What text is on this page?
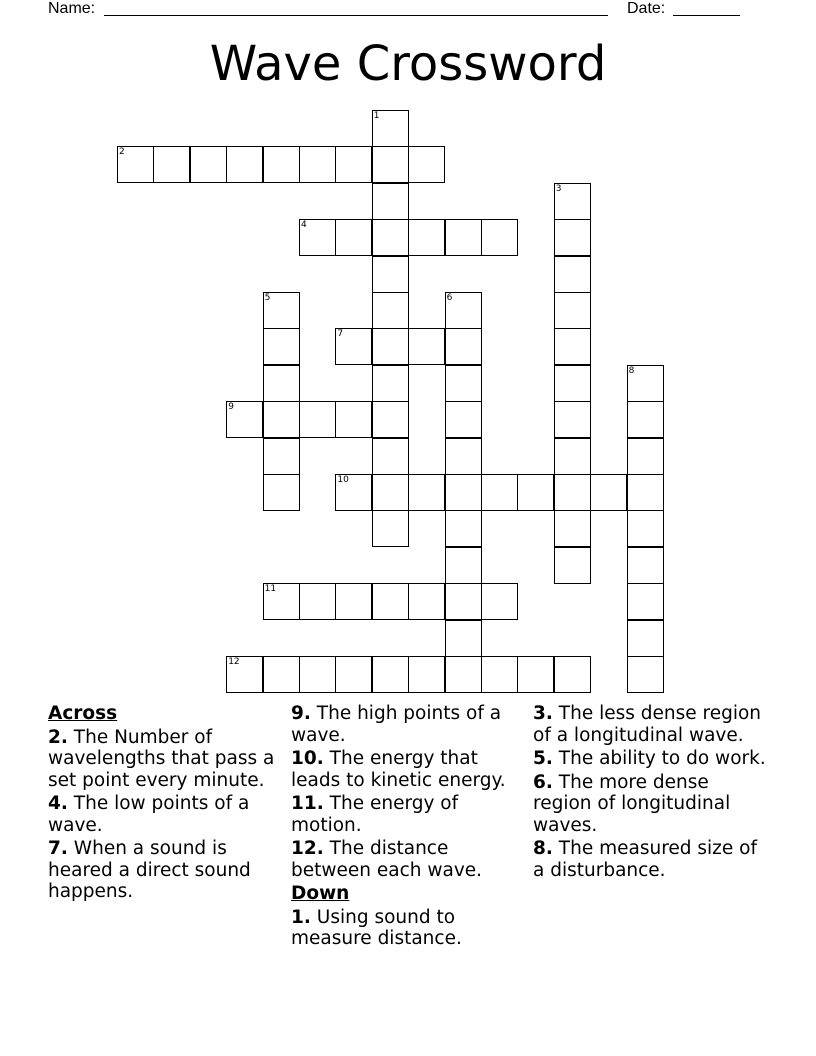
Name:	Date:
Wave Crossword
2
4
7
9
10
11
12
1
3
5	6
8
Across
2. The Number of wavelengths that pass a set point every minute.
4. The low points of a wave.
7. When a sound is heared a direct sound happens.
9. The high points of a wave.
10. The energy that leads to kinetic energy.
11. The energy of motion.
12. The distance between each wave.
Down
1. Using sound to measure distance.
3. The less dense region of a longitudinal wave.
5. The ability to do work.
6. The more dense region of longitudinal waves.
8. The measured size of a disturbance.
